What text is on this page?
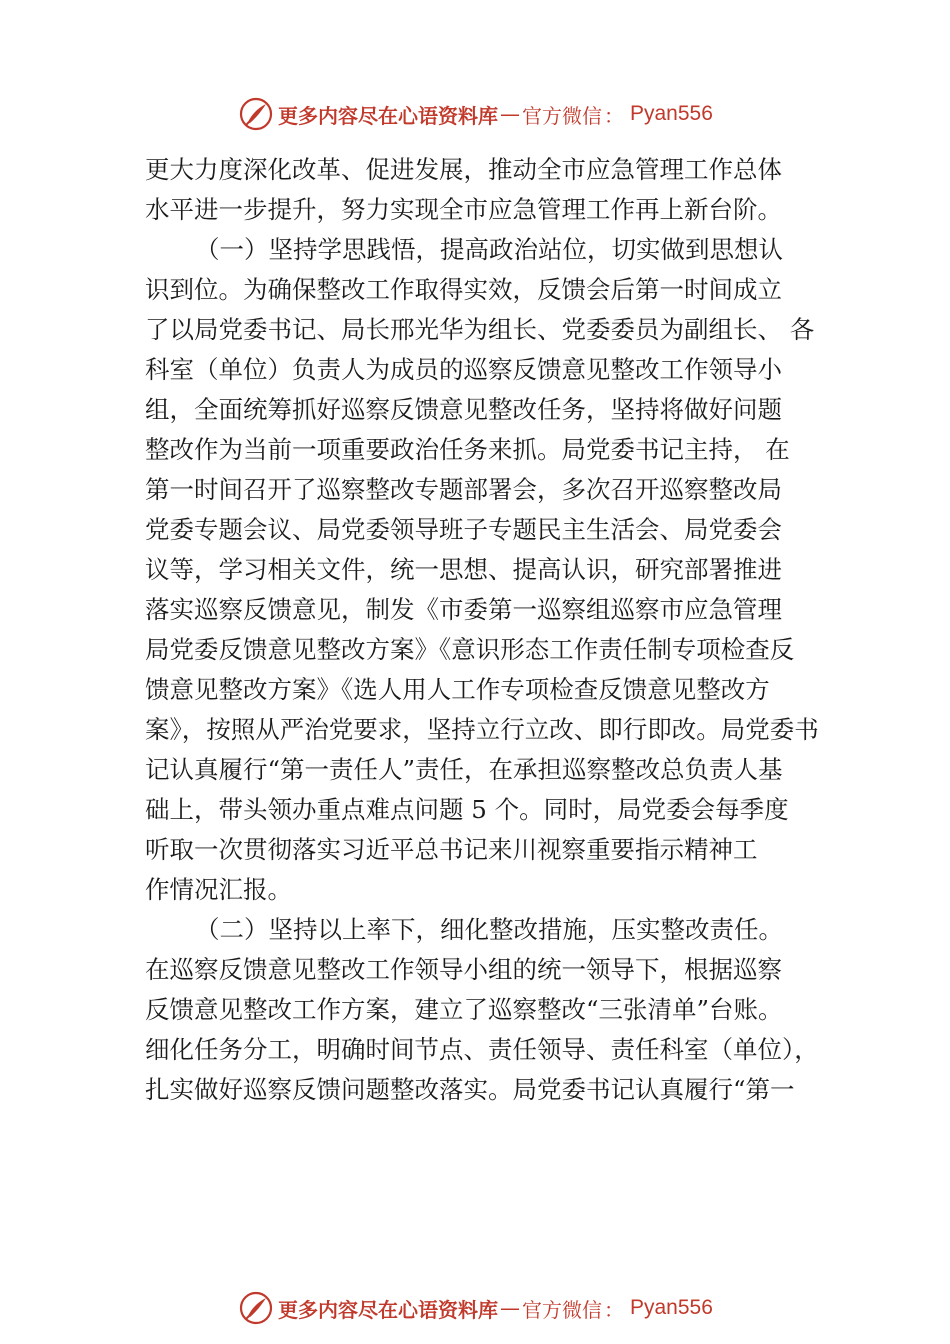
更多内容尽在心语资料库 — 官方微信 ： Pyan556
更大力度深化改革、促进发展，推动全市应急管理工作总体
水平进一步提升，努力实现全市应急管理工作再上新台阶。
（一）坚持学思践悟，提高政治站位，切实做到思想认
识到位。为确保整改工作取得实效，反馈会后第一时间成立
了以局党委书记、局长邢光华为组长、党委委员为副组长、 各
科室（单位）负责人为成员的巡察反馈意见整改工作领导小
组，全面统筹抓好巡察反馈意见整改任务，坚持将做好问题
整改作为当前一项重要政治任务来抓。局党委书记主持， 在
第一时间召开了巡察整改专题部署会，多次召开巡察整改局
党委专题会议、局党委领导班子专题民主生活会、局党委会
议等，学习相关文件，统一思想、提高认识，研究部署推进
落实巡察反馈意见，制发《市委第一巡察组巡察市应急管理
局党委反馈意见整改方案》《意识形态工作责任制专项检查反
馈意见整改方案》《选人用人工作专项检查反馈意见整改方
案》，按照从严治党要求，坚持立行立改、即行即改。局党委书
记认真履行“第一责任人”责任，在承担巡察整改总负责人基
础上，带头领办重点难点问题 5 个。同时，局党委会每季度
听取一次贯彻落实习近平总书记来川视察重要指示精神工
作情况汇报。
（二）坚持以上率下，细化整改措施，压实整改责任。
在巡察反馈意见整改工作领导小组的统一领导下，根据巡察
反馈意见整改工作方案，建立了巡察整改“三张清单”台账。
细化任务分工，明确时间节点、责任领导、责任科室（单位），
扎实做好巡察反馈问题整改落实。局党委书记认真履行“第一
更多内容尽在心语资料库 — 官方微信 ： Pyan556
